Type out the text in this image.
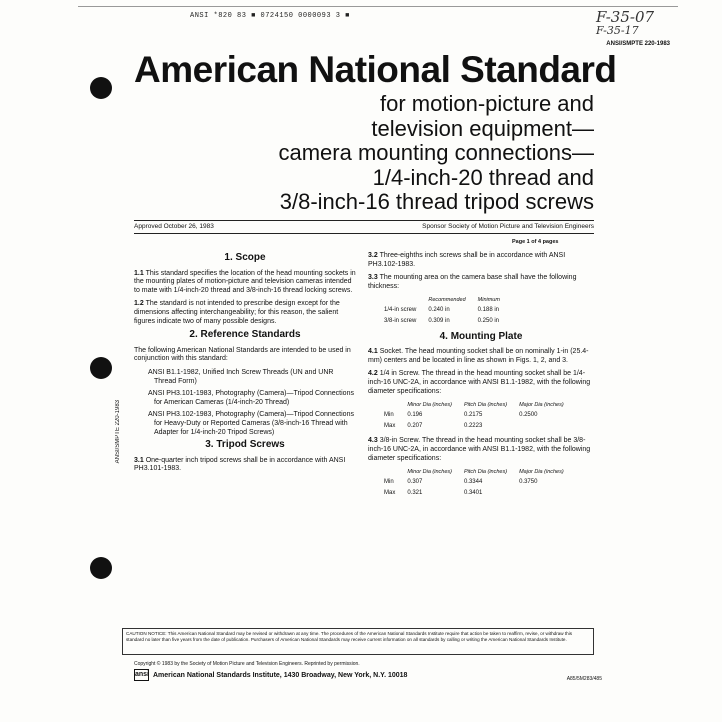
ANSI *820 83 ■ 0724150 0000093 3 ■	F-35-07
F-35-17
ANSI/SMPTE 220-1983
American National Standard
for motion-picture and
television equipment—
camera mounting connections—
1/4-inch-20 thread and
3/8-inch-16 thread tripod screws
Approved October 26, 1983	Sponsor Society of Motion Picture and Television Engineers
Page 1 of 4 pages
ANSI/SMPTE 220-1983
1. Scope

1.1 This standard specifies the location of the head mounting sockets in the mounting plates of motion-picture and television cameras intended to mate with 1/4-inch-20 thread and 3/8-inch-16 thread locking screws.

1.2 The standard is not intended to prescribe design except for the dimensions affecting interchangeability; for this reason, the salient figures indicate two of many possible designs.

2. Reference Standards

The following American National Standards are intended to be used in conjunction with this standard:

ANSI B1.1-1982, Unified Inch Screw Threads (UN and UNR Thread Form)

ANSI PH3.101-1983, Photography (Camera)—Tripod Connections for American Cameras (1/4-inch-20 Thread)

ANSI PH3.102-1983, Photography (Camera)—Tripod Connections for Heavy-Duty or Reported Cameras (3/8-inch-16 Thread with Adapter for 1/4-inch-20 Tripod Screws)

3. Tripod Screws

3.1 One-quarter inch tripod screws shall be in accordance with ANSI PH3.101-1983.

3.2 Three-eighths inch screws shall be in accordance with ANSI PH3.102-1983.

3.3 The mounting area on the camera base shall have the following thickness:

	Recommended	Minimum
1/4-in screw	0.240 in	0.188 in
3/8-in screw	0.309 in	0.250 in
4. Mounting Plate

4.1 Socket. The head mounting socket shall be on nominally 1-in (25.4-mm) centers and be located in line as shown in Figs. 1, 2, and 3.

4.2 1/4 in Screw. The thread in the head mounting socket shall be 1/4-inch-16 UNC-2A, in accordance with ANSI B1.1-1982, with the following diameter specifications:

	Minor Dia (inches)	Pitch Dia (inches)	Major Dia (inches)
Min	0.196	0.2175	0.2500
Max	0.207	0.2223	

4.3 3/8-in Screw. The thread in the head mounting socket shall be 3/8-inch-16 UNC-2A, in accordance with ANSI B1.1-1982, with the following diameter specifications:

	Minor Dia (inches)	Pitch Dia (inches)	Major Dia (inches)
Min	0.307	0.3344	0.3750
Max	0.321	0.3401	
CAUTION NOTICE: This American National Standard may be revised or withdrawn at any time. The procedures of the American National Standards Institute require that action be taken to reaffirm, revise, or withdraw this standard no later than five years from the date of publication. Purchasers of American National Standards may receive current information on all standards by calling or writing the American National Standards Institute.
Copyright © 1983 by the Society of Motion Picture and Television Engineers. Reprinted by permission.
ansi American National Standards Institute, 1430 Broadway, New York, N.Y. 10018	A85/5M283/485
